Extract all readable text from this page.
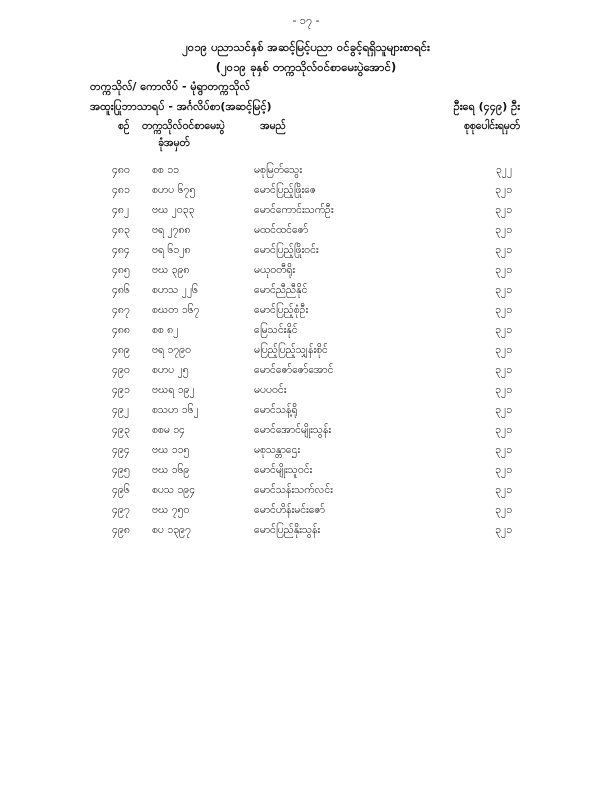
- ၁၇ -
၂၀၁၉ ပညာသင်နှစ် အဆင့်မြင့်ပညာ ဝင်ခွင့်ရရှိသူများစာရင်း
(၂၀၁၉ ခုနှစ် တက္ကသိုလ်ဝင်စာမေးပွဲအောင်)
တက္ကသိုလ်/ ကောလိပ် - မုံရွာတက္ကသိုလ်
အထူးပြုဘာသာရပ် - အင်္ဂလိပ်စာ(အဆင့်မြင့်)	ဦးရေ (၄၄၉) ဦး
စဉ် တက္ကသိုလ်ဝင်စာမေးပွဲ
ခုံအမှတ်
အမည်	စုစုပေါင်းရမှတ်
၄၈၀ စစ ၁၁	မစုမြတ်သွေး	၃၂၂
၄၈၁ စဟပ ၆၇၅	မောင်ပြည့်ဖြိုးဇေ	၃၂၁
၄၈၂ ဗဃ ၂၀၃၃	မောင်ကောင်းသက်ဦး	၃၂၁
၄၈၃ ဗရ ၂၇၈၈	မထင်ထင်ဇော်	၃၂၁
၄၈၄ ဗရ ၆၁၂၈	မောင်ပြည့်ဖြိုးဝင်း	၃၂၁
၄၈၅ ဗဃ ၃၉၈	မယုဝတီရိုး	၃၂၁
၄၈၆ စဟသ ၂၂၆	မောင်ညီညီနိုင်	၃၂၁
၄၈၇ စဃတ ၁၆၇	မောင်ပြည့်စုံဦး	၃၂၁
၄၈၈ စစ ၈၂	မြေသင်းနိုင်	၃၂၁
၄၈၉ ဗရ ၁၇၉၀	မပြည့်ပြည့်သျှန်းစိုင်	၃၂၁
၄၉၀ စဟပ ၂၅	မောင်ဇော်ဇော်အောင်	၃၂၁
၄၉၁ ဗဃရ ၁၉၂	မပပဝင်း	၃၂၁
၄၉၂ စသဟ ၁၆၂	မောင်သန့်ရို	၃၂၁
၄၉၃ စစမ ၁၄	မောင်အောင်မျိုးသွန်း	၃၂၁
၄၉၄ ဗဃ ၁၁၅	မစုသန္တာဌေး	၃၂၁
၄၉၅ ဗဃ ၁၆၉	မောင်မျိုးသူဝင်း	၃၂၁
၄၉၆ စပသ ၁၉၄	မောင်သန်းသက်လင်း	၃၂၁
၄၉၇ ဗဃ ၇၅၀	မောင်ဟိန်းမင်းဇော်	၃၂၁
၄၉၈ စပ ၁၃၉၇	မောင်ပြည်နိုးသွန်း	၃၂၁
